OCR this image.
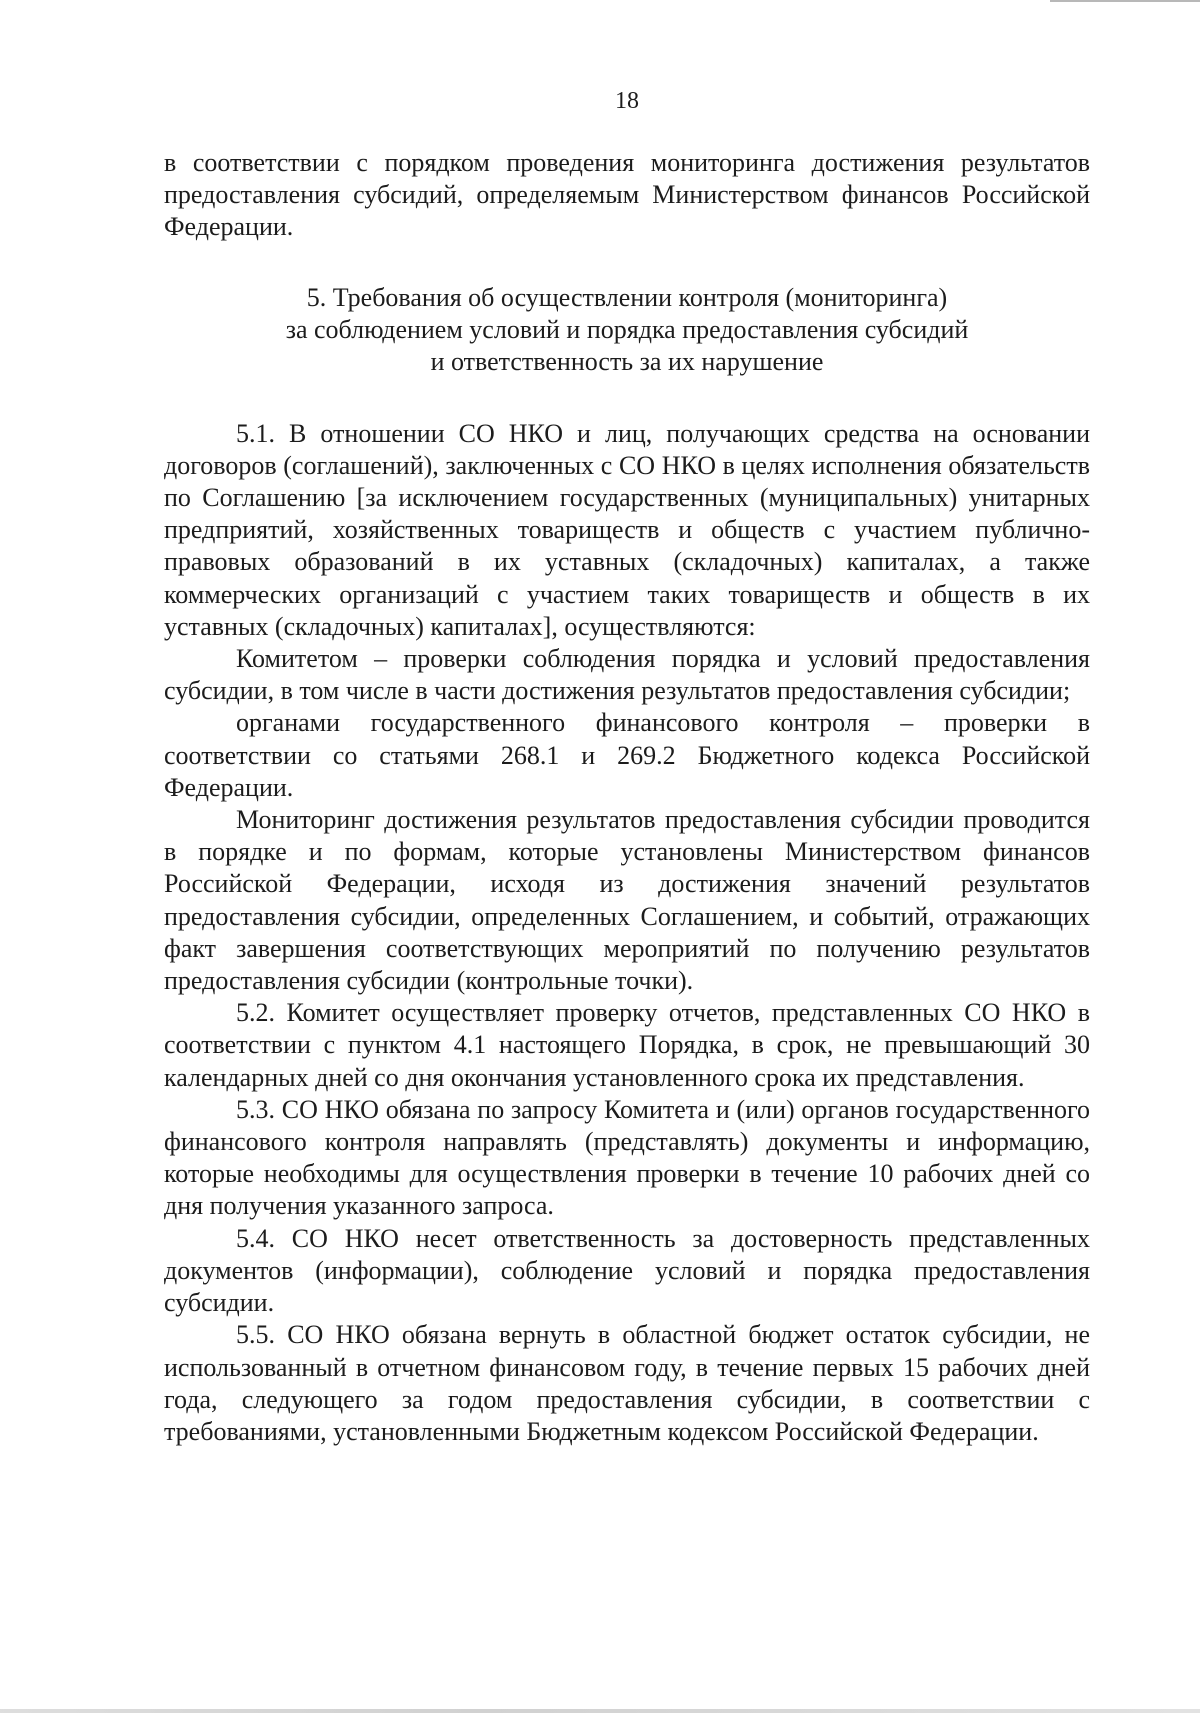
18

в соответствии с порядком проведения мониторинга достижения результатов предоставления субсидий, определяемым Министерством финансов Российской Федерации.

5. Требования об осуществлении контроля (мониторинга)
за соблюдением условий и порядка предоставления субсидий
и ответственность за их нарушение

5.1. В отношении СО НКО и лиц, получающих средства на основании договоров (соглашений), заключенных с СО НКО в целях исполнения обязательств по Соглашению [за исключением государственных (муниципальных) унитарных предприятий, хозяйственных товариществ и обществ с участием публично-правовых образований в их уставных (складочных) капиталах, а также коммерческих организаций с участием таких товариществ и обществ в их уставных (складочных) капиталах], осуществляются:

Комитетом – проверки соблюдения порядка и условий предоставления субсидии, в том числе в части достижения результатов предоставления субсидии;

органами государственного финансового контроля – проверки в соответствии со статьями 268.1 и 269.2 Бюджетного кодекса Российской Федерации.

Мониторинг достижения результатов предоставления субсидии проводится в порядке и по формам, которые установлены Министерством финансов Российской Федерации, исходя из достижения значений результатов предоставления субсидии, определенных Соглашением, и событий, отражающих факт завершения соответствующих мероприятий по получению результатов предоставления субсидии (контрольные точки).

5.2. Комитет осуществляет проверку отчетов, представленных СО НКО в соответствии с пунктом 4.1 настоящего Порядка, в срок, не превышающий 30 календарных дней со дня окончания установленного срока их представления.

5.3. СО НКО обязана по запросу Комитета и (или) органов государственного финансового контроля направлять (представлять) документы и информацию, которые необходимы для осуществления проверки в течение 10 рабочих дней со дня получения указанного запроса.

5.4. СО НКО несет ответственность за достоверность представленных документов (информации), соблюдение условий и порядка предоставления субсидии.

5.5. СО НКО обязана вернуть в областной бюджет остаток субсидии, не использованный в отчетном финансовом году, в течение первых 15 рабочих дней года, следующего за годом предоставления субсидии, в соответствии с требованиями, установленными Бюджетным кодексом Российской Федерации.
